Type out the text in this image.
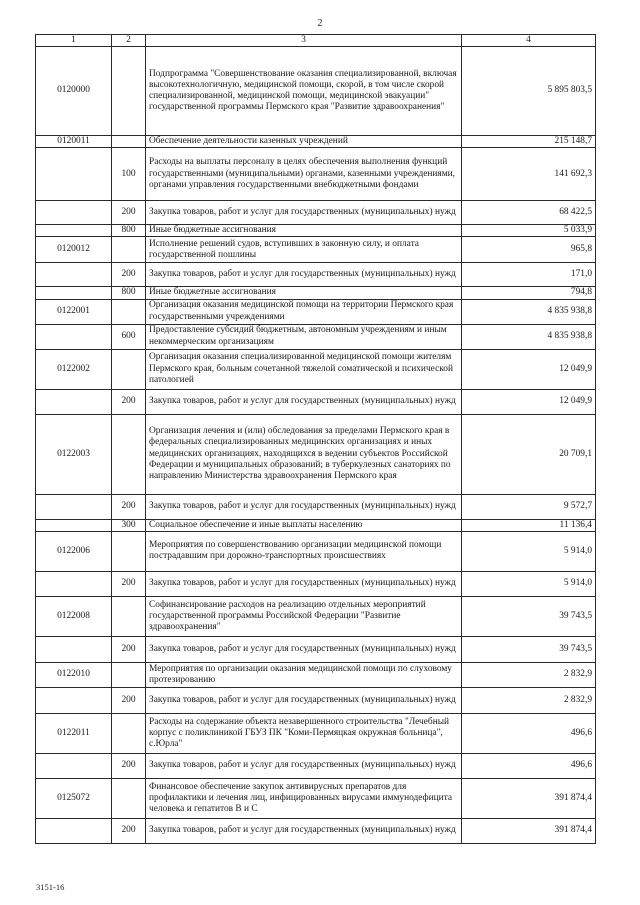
2
1	2	3	4
0120000		Подпрограмма "Совершенствование оказания специализированной, включая высокотехнологичную, медицинской помощи, скорой, в том числе скорой специализированной, медицинской помощи, медицинской эвакуации" государственной программы Пермского края "Развитие здравоохранения"	5 895 803,5
0120011		Обеспечение деятельности казенных учреждений	215 148,7
	100	Расходы на выплаты персоналу в целях обеспечения выполнения функций государственными (муниципальными) органами, казенными учреждениями, органами управления государственными внебюджетными фондами	141 692,3
	200	Закупка товаров, работ и услуг для государственных (муниципальных) нужд	68 422,5
	800	Иные бюджетные ассигнования	5 033,9
0120012		Исполнение решений судов, вступивших в законную силу, и оплата государственной пошлины	965,8
	200	Закупка товаров, работ и услуг для государственных (муниципальных) нужд	171,0
	800	Иные бюджетные ассигнования	794,8
0122001		Организация оказания медицинской помощи на территории Пермского края государственными учреждениями	4 835 938,8
	600	Предоставление субсидий бюджетным, автономным учреждениям и иным некоммерческим организациям	4 835 938,8
0122002		Организация оказания специализированной медицинской помощи жителям Пермского края, больным сочетанной тяжелой соматической и психической патологией	12 049,9
	200	Закупка товаров, работ и услуг для государственных (муниципальных) нужд	12 049,9
0122003		Организация лечения и (или) обследования за пределами Пермского края в федеральных специализированных медицинских организациях и иных медицинских организациях, находящихся в ведении субъектов Российской Федерации и муниципальных образований; в туберкулезных санаториях по направлению Министерства здравоохранения Пермского края	20 709,1
	200	Закупка товаров, работ и услуг для государственных (муниципальных) нужд	9 572,7
	300	Социальное обеспечение и иные выплаты населению	11 136,4
0122006		Мероприятия по совершенствованию организации медицинской помощи пострадавшим при дорожно-транспортных происшествиях	5 914,0
	200	Закупка товаров, работ и услуг для государственных (муниципальных) нужд	5 914,0
0122008		Софинансирование расходов на реализацию отдельных мероприятий государственной программы Российской Федерации "Развитие здравоохранения"	39 743,5
	200	Закупка товаров, работ и услуг для государственных (муниципальных) нужд	39 743,5
0122010		Мероприятия по организации оказания медицинской помощи по слуховому протезированию	2 832,9
	200	Закупка товаров, работ и услуг для государственных (муниципальных) нужд	2 832,9
0122011		Расходы на содержание объекта незавершенного строительства "Лечебный корпус с поликлиникой ГБУЗ ПК "Коми-Пермяцкая окружная больница", с.Юрла"	496,6
	200	Закупка товаров, работ и услуг для государственных (муниципальных) нужд	496,6
0125072		Финансовое обеспечение закупок антивирусных препаратов для профилактики и лечения лиц, инфицированных вирусами иммунодефицита человека и гепатитов В и С	391 874,4
	200	Закупка товаров, работ и услуг для государственных (муниципальных) нужд	391 874,4
3151-16
